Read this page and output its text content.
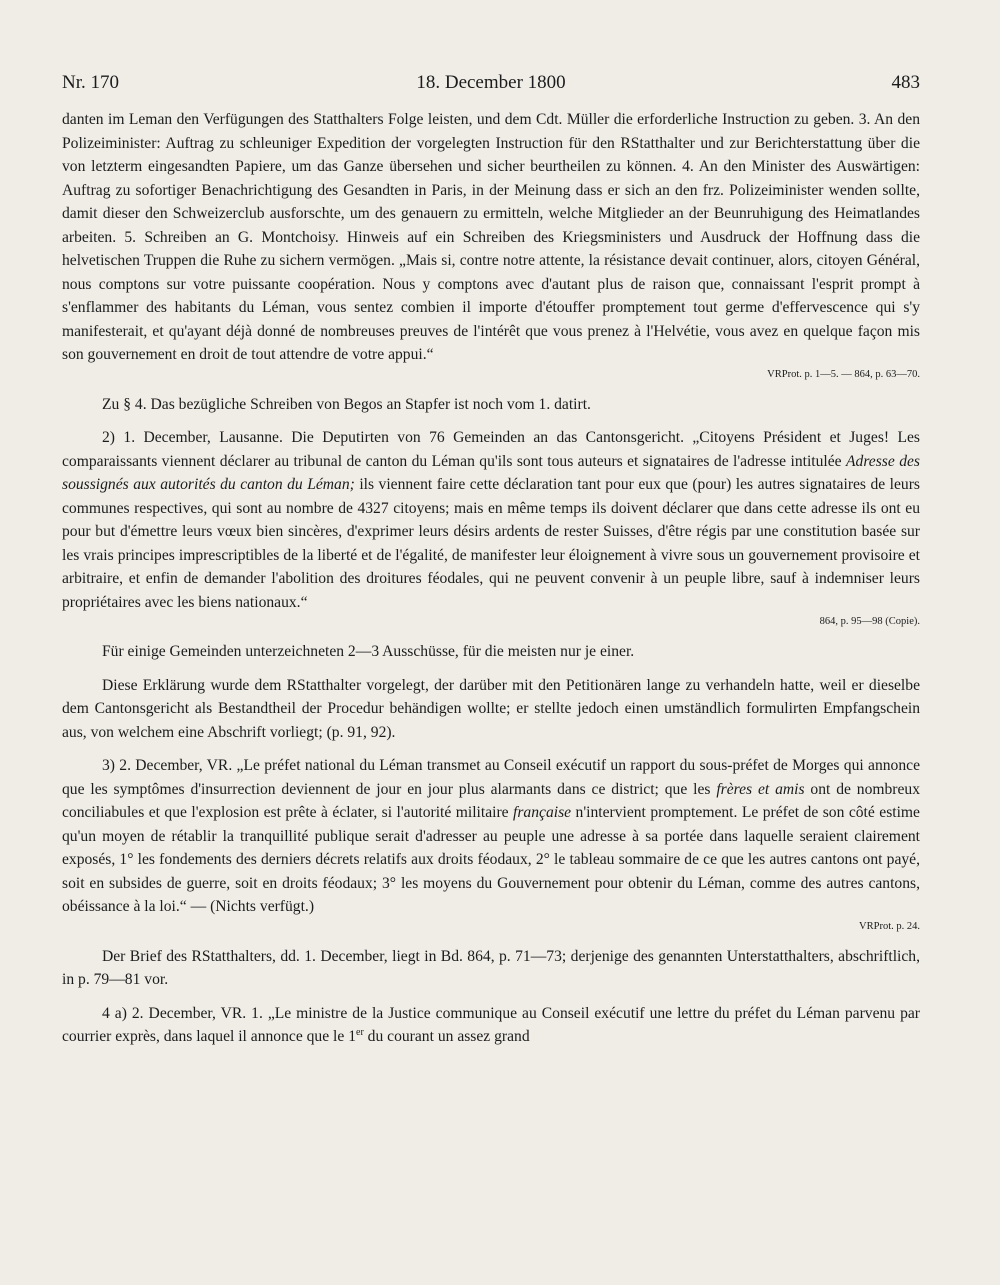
Nr. 170	18. December 1800	483

danten im Leman den Verfügungen des Statthalters Folge leisten, und dem Cdt. Müller die erforderliche Instruction zu geben. 3. An den Polizeiminister: Auftrag zu schleuniger Expedition der vorgelegten Instruction für den RStatthalter und zur Berichterstattung über die von letzterm eingesandten Papiere, um das Ganze übersehen und sicher beurtheilen zu können. 4. An den Minister des Auswärtigen: Auftrag zu sofortiger Benachrichtigung des Gesandten in Paris, in der Meinung dass er sich an den frz. Polizeiminister wenden sollte, damit dieser den Schweizerclub ausforschte, um des genauern zu ermitteln, welche Mitglieder an der Beunruhigung des Heimatlandes arbeiten. 5. Schreiben an G. Montchoisy. Hinweis auf ein Schreiben des Kriegsministers und Ausdruck der Hoffnung dass die helvetischen Truppen die Ruhe zu sichern vermögen. „Mais si, contre notre attente, la résistance devait continuer, alors, citoyen Général, nous comptons sur votre puissante coopération. Nous y comptons avec d'autant plus de raison que, connaissant l'esprit prompt à s'enflammer des habitants du Léman, vous sentez combien il importe d'étouffer promptement tout germe d'effervescence qui s'y manifesterait, et qu'ayant déjà donné de nombreuses preuves de l'intérêt que vous prenez à l'Helvétie, vous avez en quelque façon mis son gouvernement en droit de tout attendre de votre appui.“

VRProt. p. 1—5. — 864, p. 63—70.

Zu § 4. Das bezügliche Schreiben von Begos an Stapfer ist noch vom 1. datirt.

2) 1. December, Lausanne. Die Deputirten von 76 Gemeinden an das Cantonsgericht. „Citoyens Président et Juges! Les comparaissants viennent déclarer au tribunal de canton du Léman qu'ils sont tous auteurs et signataires de l'adresse intitulée Adresse des soussignés aux autorités du canton du Léman; ils viennent faire cette déclaration tant pour eux que (pour) les autres signataires de leurs communes respectives, qui sont au nombre de 4327 citoyens; mais en même temps ils doivent déclarer que dans cette adresse ils ont eu pour but d'émettre leurs vœux bien sincères, d'exprimer leurs désirs ardents de rester Suisses, d'être régis par une constitution basée sur les vrais principes imprescriptibles de la liberté et de l'égalité, de manifester leur éloignement à vivre sous un gouvernement provisoire et arbitraire, et enfin de demander l'abolition des droitures féodales, qui ne peuvent convenir à un peuple libre, sauf à indemniser leurs propriétaires avec les biens nationaux.“

864, p. 95—98 (Copie).

Für einige Gemeinden unterzeichneten 2—3 Ausschüsse, für die meisten nur je einer.

Diese Erklärung wurde dem RStatthalter vorgelegt, der darüber mit den Petitionären lange zu verhandeln hatte, weil er dieselbe dem Cantonsgericht als Bestandtheil der Procedur behändigen wollte; er stellte jedoch einen umständlich formulirten Empfangschein aus, von welchem eine Abschrift vorliegt; (p. 91, 92).

3) 2. December, VR. „Le préfet national du Léman transmet au Conseil exécutif un rapport du sous-préfet de Morges qui annonce que les symptômes d'insurrection deviennent de jour en jour plus alarmants dans ce district; que les frères et amis ont de nombreux conciliabules et que l'explosion est prête à éclater, si l'autorité militaire française n'intervient promptement. Le préfet de son côté estime qu'un moyen de rétablir la tranquillité publique serait d'adresser au peuple une adresse à sa portée dans laquelle seraient clairement exposés, 1° les fondements des derniers décrets relatifs aux droits féodaux, 2° le tableau sommaire de ce que les autres cantons ont payé, soit en subsides de guerre, soit en droits féodaux; 3° les moyens du Gouvernement pour obtenir du Léman, comme des autres cantons, obéissance à la loi.“ — (Nichts verfügt.)

VRProt. p. 24.

Der Brief des RStatthalters, dd. 1. December, liegt in Bd. 864, p. 71—73; derjenige des genannten Unterstatthalters, abschriftlich, in p. 79—81 vor.

4 a) 2. December, VR. 1. „Le ministre de la Justice communique au Conseil exécutif une lettre du préfet du Léman parvenu par courrier exprès, dans laquel il annonce que le 1er du courant un assez grand
